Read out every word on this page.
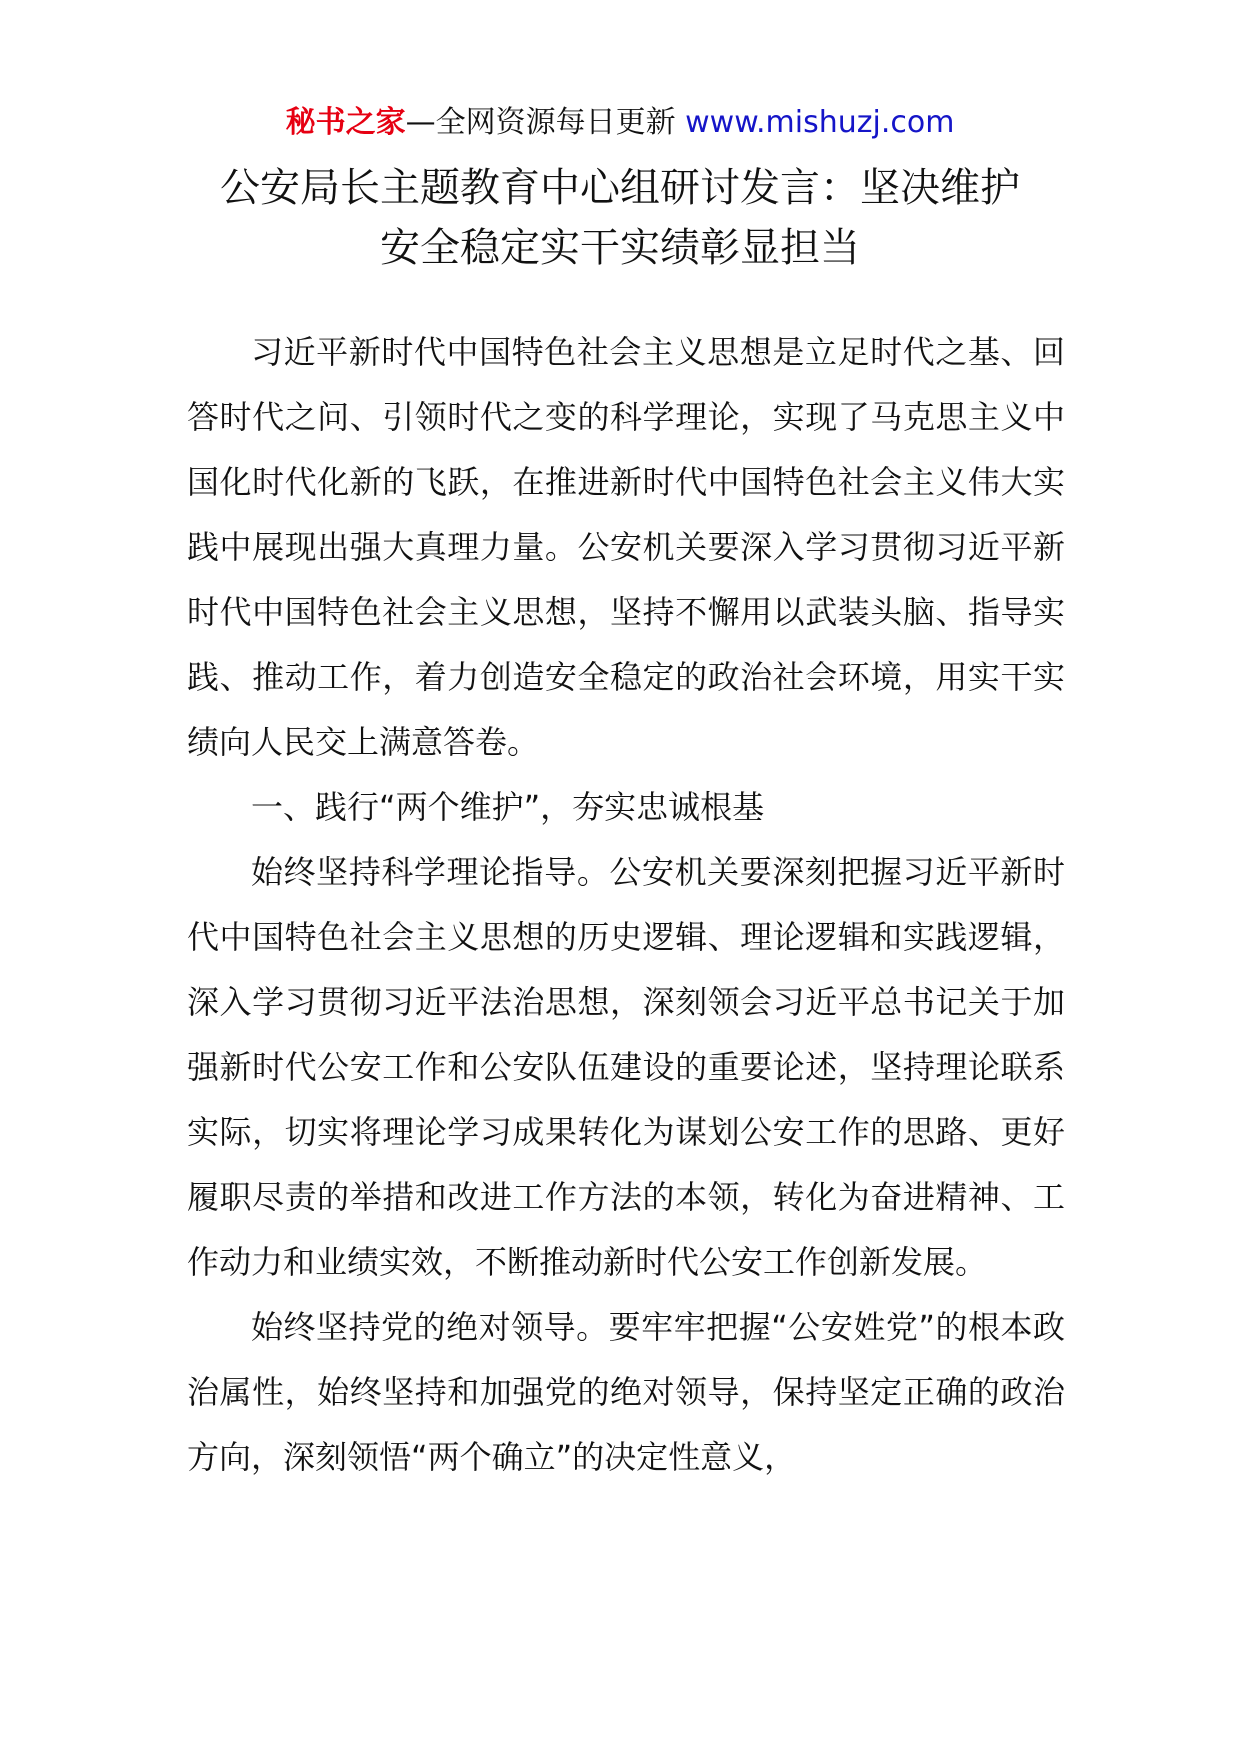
秘书之家—全网资源每日更新 www.mishuzj.com
公安局长主题教育中心组研讨发言：坚决维护
安全稳定实干实绩彰显担当

习近平新时代中国特色社会主义思想是立足时代之基、回答时代之问、引领时代之变的科学理论，实现了马克思主义中国化时代化新的飞跃，在推进新时代中国特色社会主义伟大实践中展现出强大真理力量。公安机关要深入学习贯彻习近平新时代中国特色社会主义思想，坚持不懈用以武装头脑、指导实践、推动工作，着力创造安全稳定的政治社会环境，用实干实绩向人民交上满意答卷。

一、践行“两个维护”，夯实忠诚根基

始终坚持科学理论指导。公安机关要深刻把握习近平新时代中国特色社会主义思想的历史逻辑、理论逻辑和实践逻辑，深入学习贯彻习近平法治思想，深刻领会习近平总书记关于加强新时代公安工作和公安队伍建设的重要论述，坚持理论联系实际，切实将理论学习成果转化为谋划公安工作的思路、更好履职尽责的举措和改进工作方法的本领，转化为奋进精神、工作动力和业绩实效，不断推动新时代公安工作创新发展。

始终坚持党的绝对领导。要牢牢把握“公安姓党”的根本政治属性，始终坚持和加强党的绝对领导，保持坚定正确的政治方向，深刻领悟“两个确立”的决定性意义，
